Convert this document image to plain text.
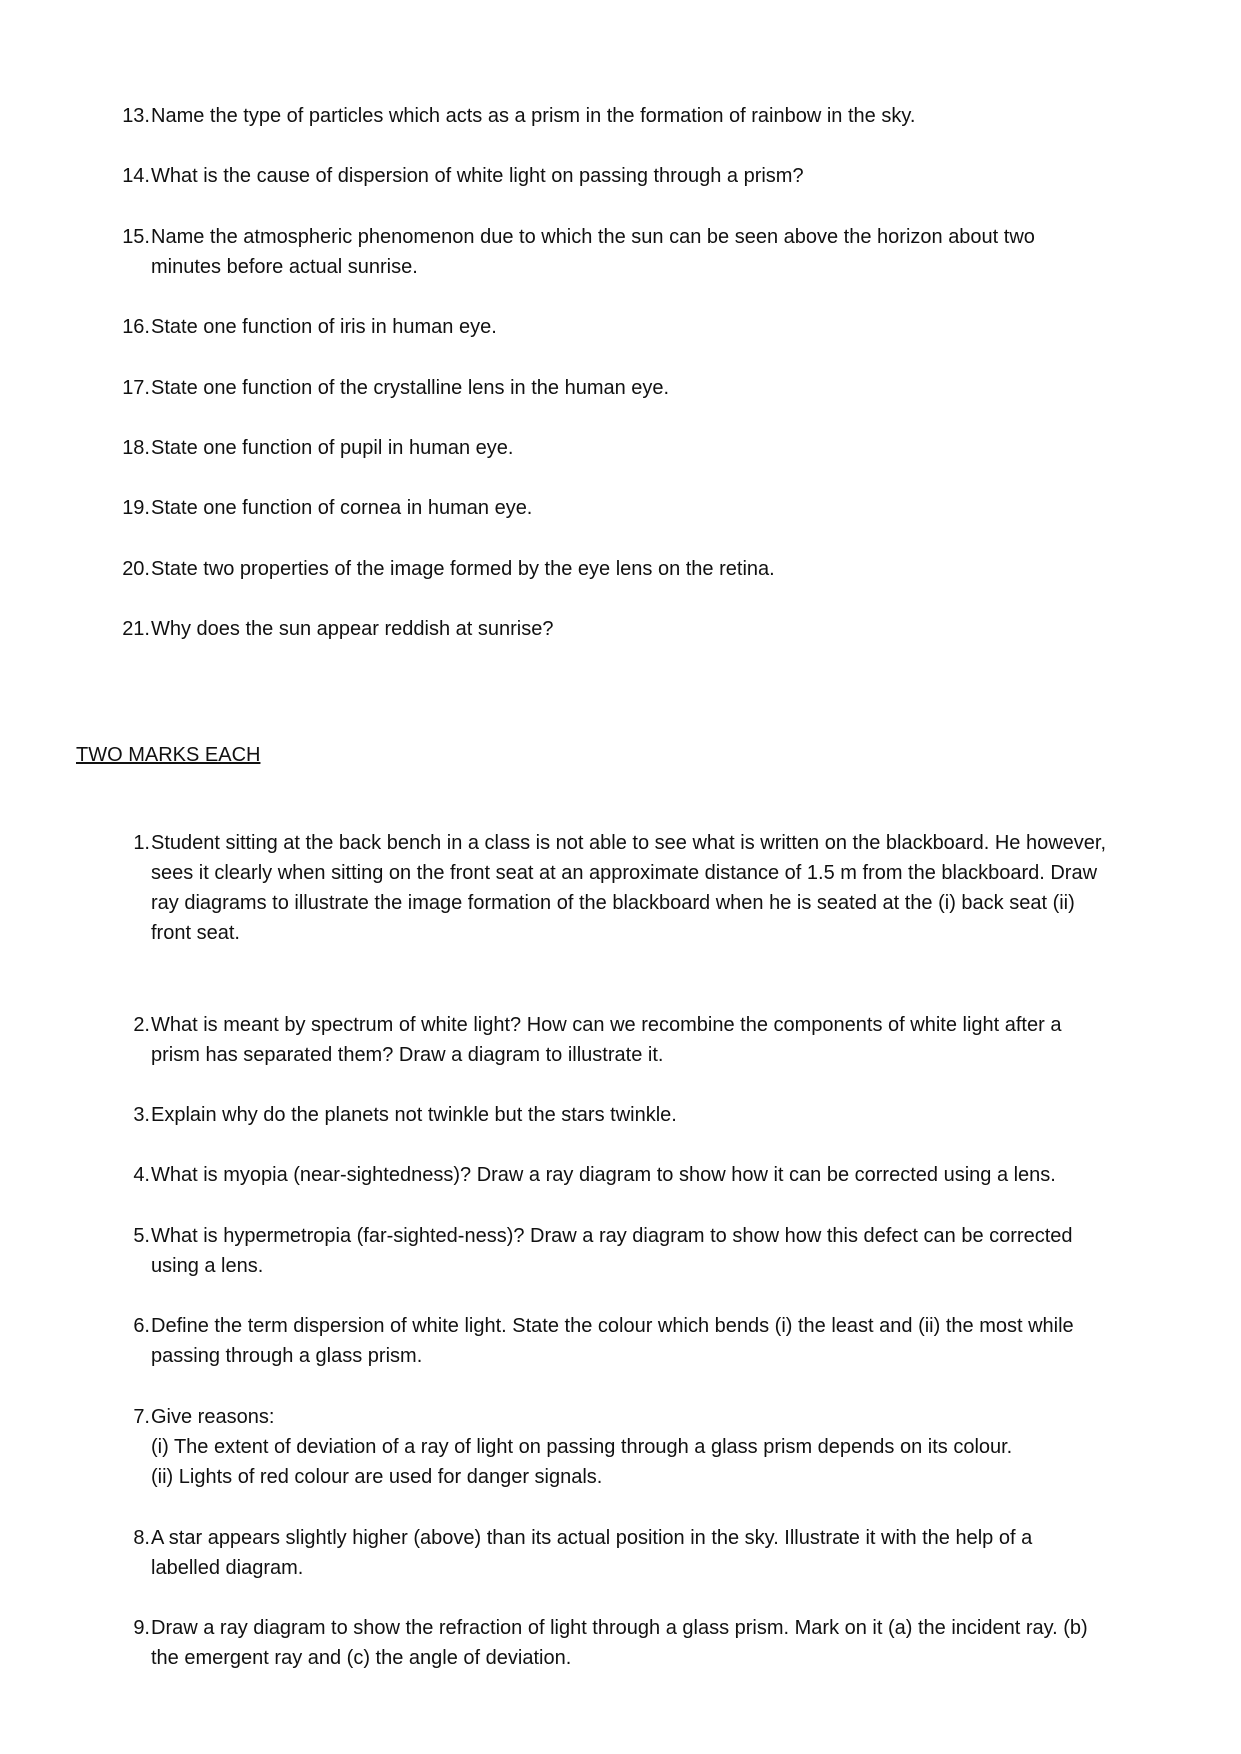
13. Name the type of particles which acts as a prism in the formation of rainbow in the sky.
14. What is the cause of dispersion of white light on passing through a prism?
15. Name the atmospheric phenomenon due to which the sun can be seen above the horizon about two
minutes before actual sunrise.
16. State one function of iris in human eye.
17. State one function of the crystalline lens in the human eye.
18. State one function of pupil in human eye.
19. State one function of cornea in human eye.
20. State two properties of the image formed by the eye lens on the retina.
21. Why does the sun appear reddish at sunrise?
TWO MARKS EACH
1. Student sitting at the back bench in a class is not able to see what is written on the blackboard. He however,
sees it clearly when sitting on the front seat at an approximate distance of 1.5 m from the blackboard. Draw
ray diagrams to illustrate the image formation of the blackboard when he is seated at the (i) back seat (ii)
front seat.
2. What is meant by spectrum of white light? How can we recombine the components of white light after a
prism has separated them? Draw a diagram to illustrate it.
3. Explain why do the planets not twinkle but the stars twinkle.
4. What is myopia (near-sightedness)? Draw a ray diagram to show how it can be corrected using a lens.
5. What is hypermetropia (far-sighted-ness)? Draw a ray diagram to show how this defect can be corrected
using a lens.
6. Define the term dispersion of white light. State the colour which bends (i) the least and (ii) the most while
passing through a glass prism.
7. Give reasons:
(i) The extent of deviation of a ray of light on passing through a glass prism depends on its colour.
(ii) Lights of red colour are used for danger signals.
8. A star appears slightly higher (above) than its actual position in the sky. Illustrate it with the help of a
labelled diagram.
9. Draw a ray diagram to show the refraction of light through a glass prism. Mark on it (a) the incident ray. (b)
the emergent ray and (c) the angle of deviation.
